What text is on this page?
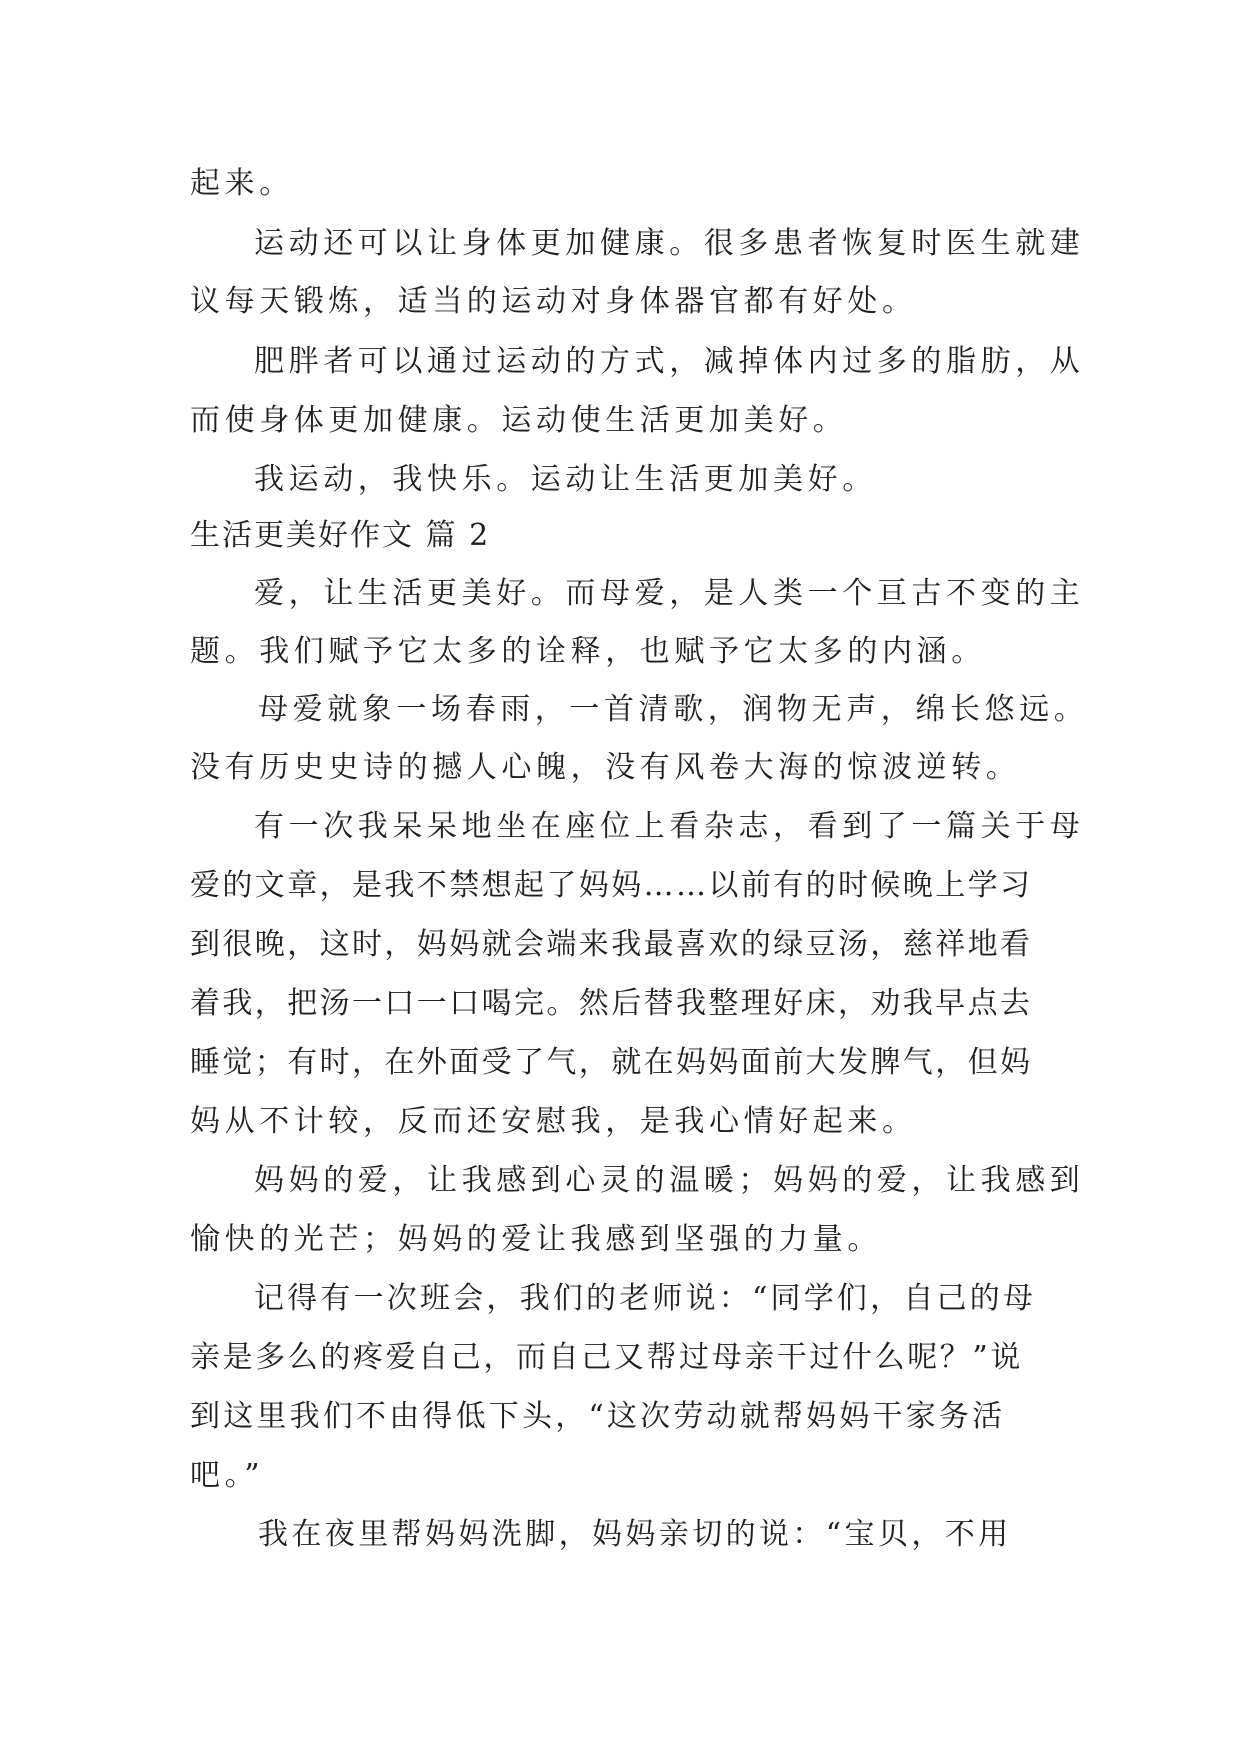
起来。
运动还可以让身体更加健康。很多患者恢复时医生就建
议每天锻炼，适当的运动对身体器官都有好处。
肥胖者可以通过运动的方式，减掉体内过多的脂肪，从
而使身体更加健康。运动使生活更加美好。
我运动，我快乐。运动让生活更加美好。
生活更美好作文 篇 2
爱，让生活更美好。而母爱，是人类一个亘古不变的主
题。我们赋予它太多的诠释，也赋予它太多的内涵。
母爱就象一场春雨，一首清歌，润物无声，绵长悠远。
没有历史史诗的撼人心魄，没有风卷大海的惊波逆转。
有一次我呆呆地坐在座位上看杂志，看到了一篇关于母
爱的文章，是我不禁想起了妈妈……以前有的时候晚上学习
到很晚，这时，妈妈就会端来我最喜欢的绿豆汤，慈祥地看
着我，把汤一口一口喝完。然后替我整理好床，劝我早点去
睡觉；有时，在外面受了气，就在妈妈面前大发脾气，但妈
妈从不计较，反而还安慰我，是我心情好起来。
妈妈的爱，让我感到心灵的温暖；妈妈的爱，让我感到
愉快的光芒；妈妈的爱让我感到坚强的力量。
记得有一次班会，我们的老师说：“同学们，自己的母
亲是多么的疼爱自己，而自己又帮过母亲干过什么呢？”说
到这里我们不由得低下头，“这次劳动就帮妈妈干家务活
吧。”
我在夜里帮妈妈洗脚，妈妈亲切的说：“宝贝，不用
